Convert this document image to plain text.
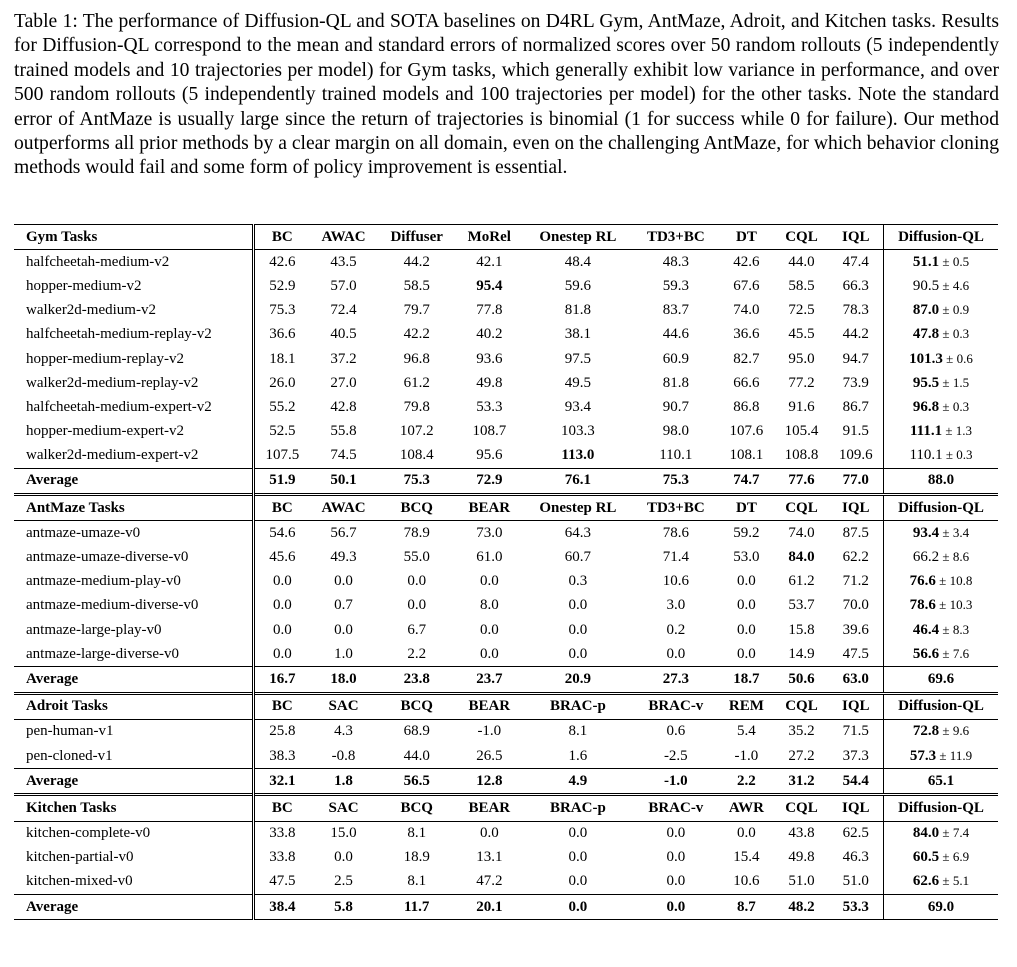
Table 1: The performance of Diffusion-QL and SOTA baselines on D4RL Gym, AntMaze, Adroit, and Kitchen tasks. Results for Diffusion-QL correspond to the mean and standard errors of normalized scores over 50 random rollouts (5 independently trained models and 10 trajectories per model) for Gym tasks, which generally exhibit low variance in performance, and over 500 random rollouts (5 independently trained models and 100 trajectories per model) for the other tasks. Note the standard error of AntMaze is usually large since the return of trajectories is binomial (1 for success while 0 for failure). Our method outperforms all prior methods by a clear margin on all domain, even on the challenging AntMaze, for which behavior cloning methods would fail and some form of policy improvement is essential.
Gym Tasks	BC	AWAC	Diffuser	MoRel	Onestep RL	TD3+BC	DT	CQL	IQL	Diffusion-QL
halfcheetah-medium-v2	42.6	43.5	44.2	42.1	48.4	48.3	42.6	44.0	47.4	51.1 ± 0.5
hopper-medium-v2	52.9	57.0	58.5	95.4	59.6	59.3	67.6	58.5	66.3	90.5 ± 4.6
walker2d-medium-v2	75.3	72.4	79.7	77.8	81.8	83.7	74.0	72.5	78.3	87.0 ± 0.9
halfcheetah-medium-replay-v2	36.6	40.5	42.2	40.2	38.1	44.6	36.6	45.5	44.2	47.8 ± 0.3
hopper-medium-replay-v2	18.1	37.2	96.8	93.6	97.5	60.9	82.7	95.0	94.7	101.3 ± 0.6
walker2d-medium-replay-v2	26.0	27.0	61.2	49.8	49.5	81.8	66.6	77.2	73.9	95.5 ± 1.5
halfcheetah-medium-expert-v2	55.2	42.8	79.8	53.3	93.4	90.7	86.8	91.6	86.7	96.8 ± 0.3
hopper-medium-expert-v2	52.5	55.8	107.2	108.7	103.3	98.0	107.6	105.4	91.5	111.1 ± 1.3
walker2d-medium-expert-v2	107.5	74.5	108.4	95.6	113.0	110.1	108.1	108.8	109.6	110.1 ± 0.3
Average	51.9	50.1	75.3	72.9	76.1	75.3	74.7	77.6	77.0	88.0
AntMaze Tasks	BC	AWAC	BCQ	BEAR	Onestep RL	TD3+BC	DT	CQL	IQL	Diffusion-QL
antmaze-umaze-v0	54.6	56.7	78.9	73.0	64.3	78.6	59.2	74.0	87.5	93.4 ± 3.4
antmaze-umaze-diverse-v0	45.6	49.3	55.0	61.0	60.7	71.4	53.0	84.0	62.2	66.2 ± 8.6
antmaze-medium-play-v0	0.0	0.0	0.0	0.0	0.3	10.6	0.0	61.2	71.2	76.6 ± 10.8
antmaze-medium-diverse-v0	0.0	0.7	0.0	8.0	0.0	3.0	0.0	53.7	70.0	78.6 ± 10.3
antmaze-large-play-v0	0.0	0.0	6.7	0.0	0.0	0.2	0.0	15.8	39.6	46.4 ± 8.3
antmaze-large-diverse-v0	0.0	1.0	2.2	0.0	0.0	0.0	0.0	14.9	47.5	56.6 ± 7.6
Average	16.7	18.0	23.8	23.7	20.9	27.3	18.7	50.6	63.0	69.6
Adroit Tasks	BC	SAC	BCQ	BEAR	BRAC-p	BRAC-v	REM	CQL	IQL	Diffusion-QL
pen-human-v1	25.8	4.3	68.9	-1.0	8.1	0.6	5.4	35.2	71.5	72.8 ± 9.6
pen-cloned-v1	38.3	-0.8	44.0	26.5	1.6	-2.5	-1.0	27.2	37.3	57.3 ± 11.9
Average	32.1	1.8	56.5	12.8	4.9	-1.0	2.2	31.2	54.4	65.1
Kitchen Tasks	BC	SAC	BCQ	BEAR	BRAC-p	BRAC-v	AWR	CQL	IQL	Diffusion-QL
kitchen-complete-v0	33.8	15.0	8.1	0.0	0.0	0.0	0.0	43.8	62.5	84.0 ± 7.4
kitchen-partial-v0	33.8	0.0	18.9	13.1	0.0	0.0	15.4	49.8	46.3	60.5 ± 6.9
kitchen-mixed-v0	47.5	2.5	8.1	47.2	0.0	0.0	10.6	51.0	51.0	62.6 ± 5.1
Average	38.4	5.8	11.7	20.1	0.0	0.0	8.7	48.2	53.3	69.0
